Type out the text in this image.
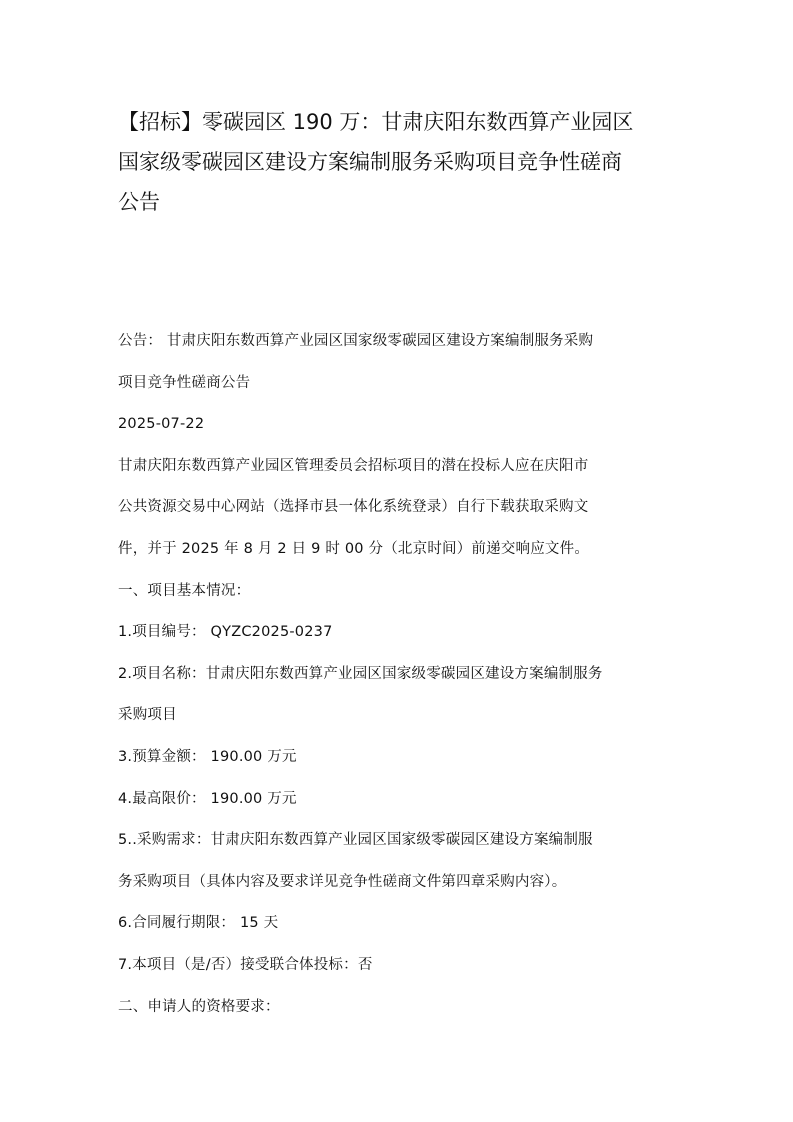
【招标】零碳园区 190 万：甘肃庆阳东数西算产业园区
国家级零碳园区建设方案编制服务采购项目竞争性磋商
公告
公告： 甘肃庆阳东数西算产业园区国家级零碳园区建设方案编制服务采购
项目竞争性磋商公告
2025-07-22
甘肃庆阳东数西算产业园区管理委员会招标项目的潜在投标人应在庆阳市
公共资源交易中心网站（选择市县一体化系统登录）自行下载获取采购文
件，并于 2025 年 8 月 2 日 9 时 00 分（北京时间）前递交响应文件。
一、项目基本情况：
1.项目编号： QYZC2025-0237
2.项目名称：甘肃庆阳东数西算产业园区国家级零碳园区建设方案编制服务
采购项目
3.预算金额： 190.00 万元
4.最高限价： 190.00 万元
5..采购需求：甘肃庆阳东数西算产业园区国家级零碳园区建设方案编制服
务采购项目（具体内容及要求详见竞争性磋商文件第四章采购内容）。
6.合同履行期限： 15 天
7.本项目（是/否）接受联合体投标：否
二、申请人的资格要求：
